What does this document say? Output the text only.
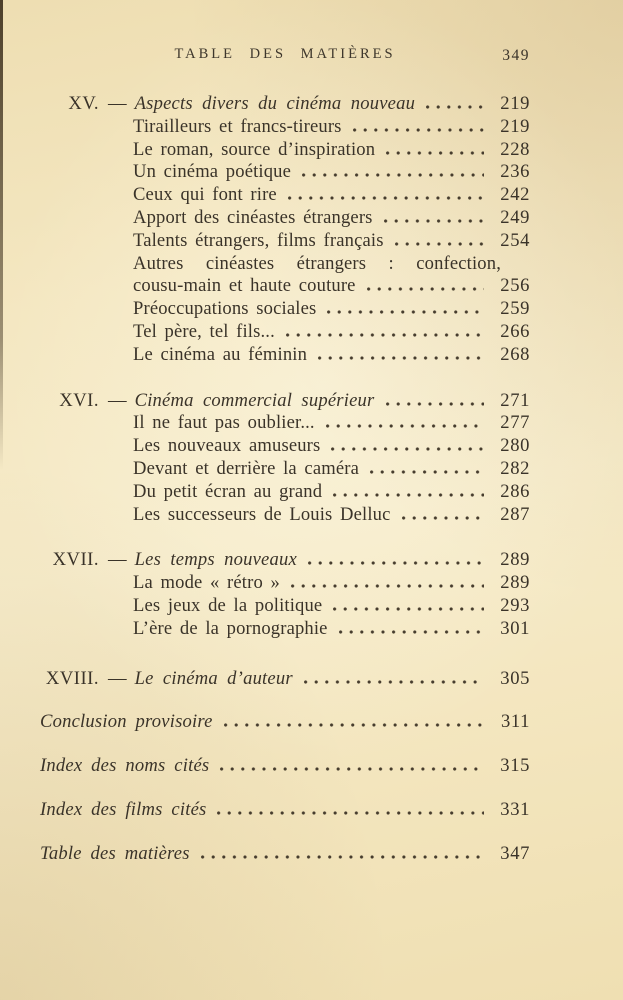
TABLE DES MATIÈRES	349
XV. — Aspects divers du cinéma nouveau	219
Tirailleurs et francs-tireurs	219
Le roman, source d’inspiration	228
Un cinéma poétique	236
Ceux qui font rire	242
Apport des cinéastes étrangers	249
Talents étrangers, films français	254
Autres cinéastes étrangers : confection,
cousu-main et haute couture	256
Préoccupations sociales	259
Tel père, tel fils...	266
Le cinéma au féminin	268
XVI. — Cinéma commercial supérieur	271
Il ne faut pas oublier...	277
Les nouveaux amuseurs	280
Devant et derrière la caméra	282
Du petit écran au grand	286
Les successeurs de Louis Delluc	287
XVII. — Les temps nouveaux	289
La mode « rétro »	289
Les jeux de la politique	293
L’ère de la pornographie	301
XVIII. — Le cinéma d’auteur	305
Conclusion provisoire	311
Index des noms cités	315
Index des films cités	331
Table des matières	347
